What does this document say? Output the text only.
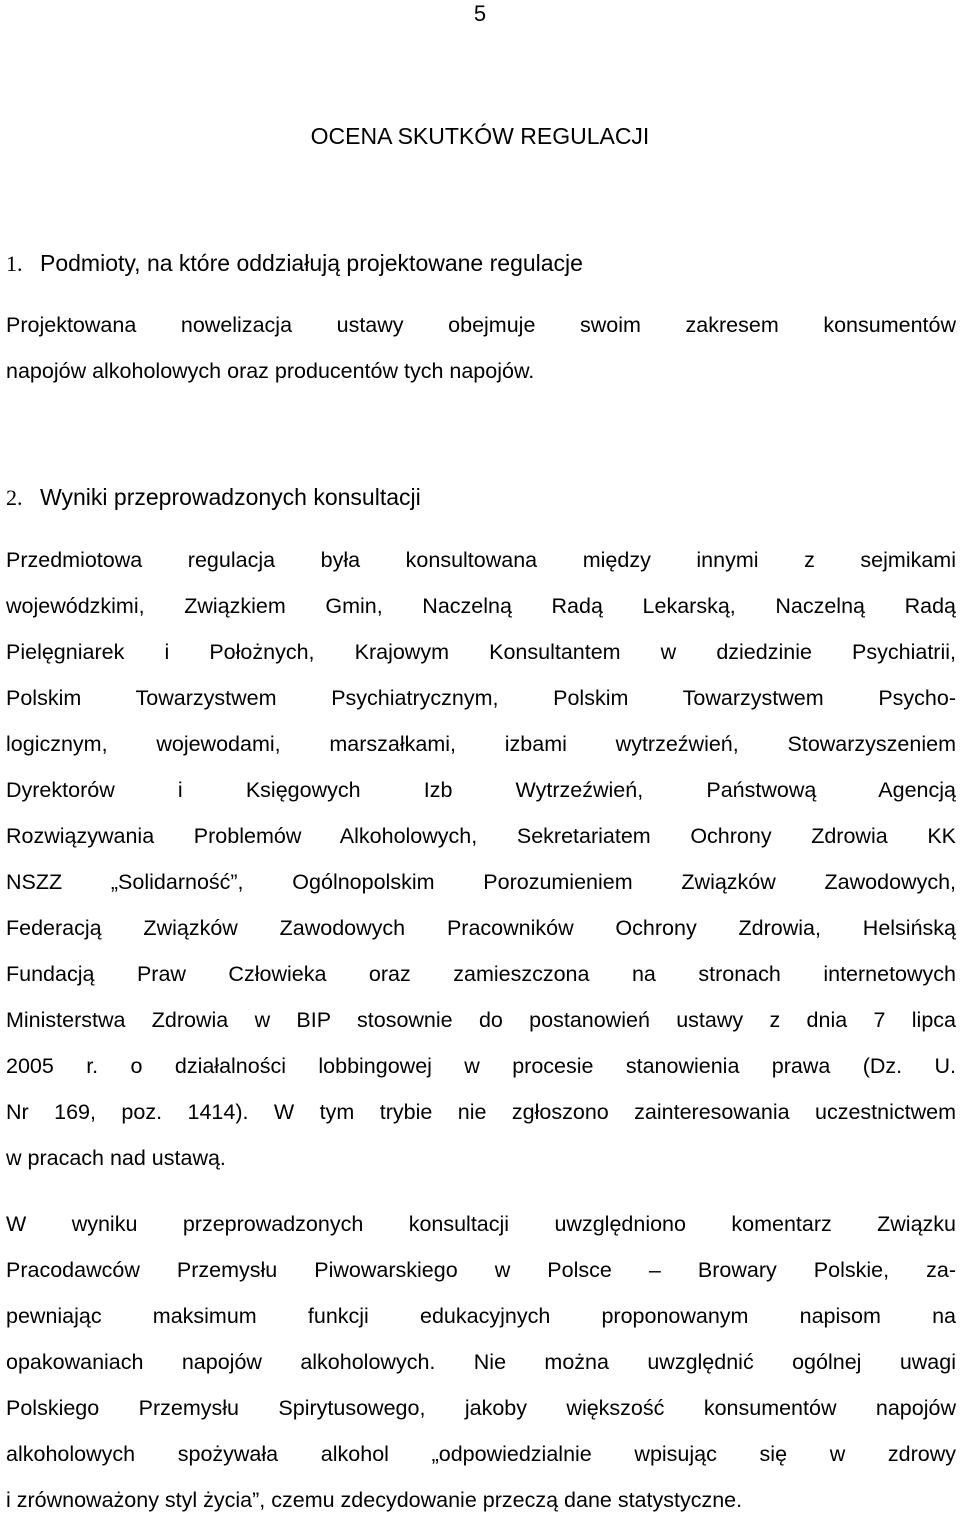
5
OCENA SKUTKÓW REGULACJI
1. Podmioty, na które oddziałują projektowane regulacje
Projektowana nowelizacja ustawy obejmuje swoim zakresem konsumentów
napojów alkoholowych oraz producentów tych napojów.
2. Wyniki przeprowadzonych konsultacji
Przedmiotowa regulacja była konsultowana między innymi z sejmikami
wojewódzkimi, Związkiem Gmin, Naczelną Radą Lekarską, Naczelną Radą
Pielęgniarek i Położnych, Krajowym Konsultantem w dziedzinie Psychiatrii,
Polskim Towarzystwem Psychiatrycznym, Polskim Towarzystwem Psycho-
logicznym, wojewodami, marszałkami, izbami wytrzeźwień, Stowarzyszeniem
Dyrektorów i Księgowych Izb Wytrzeźwień, Państwową Agencją
Rozwiązywania Problemów Alkoholowych, Sekretariatem Ochrony Zdrowia KK
NSZZ „Solidarność”, Ogólnopolskim Porozumieniem Związków Zawodowych,
Federacją Związków Zawodowych Pracowników Ochrony Zdrowia, Helsińską
Fundacją Praw Człowieka oraz zamieszczona na stronach internetowych
Ministerstwa Zdrowia w BIP stosownie do postanowień ustawy z dnia 7 lipca
2005 r. o działalności lobbingowej w procesie stanowienia prawa (Dz. U.
Nr 169, poz. 1414). W tym trybie nie zgłoszono zainteresowania uczestnictwem
w pracach nad ustawą.
W wyniku przeprowadzonych konsultacji uwzględniono komentarz Związku
Pracodawców Przemysłu Piwowarskiego w Polsce – Browary Polskie, za-
pewniając maksimum funkcji edukacyjnych proponowanym napisom na
opakowaniach napojów alkoholowych. Nie można uwzględnić ogólnej uwagi
Polskiego Przemysłu Spirytusowego, jakoby większość konsumentów napojów
alkoholowych spożywała alkohol „odpowiedzialnie wpisując się w zdrowy
i zrównoważony styl życia”, czemu zdecydowanie przeczą dane statystyczne.
